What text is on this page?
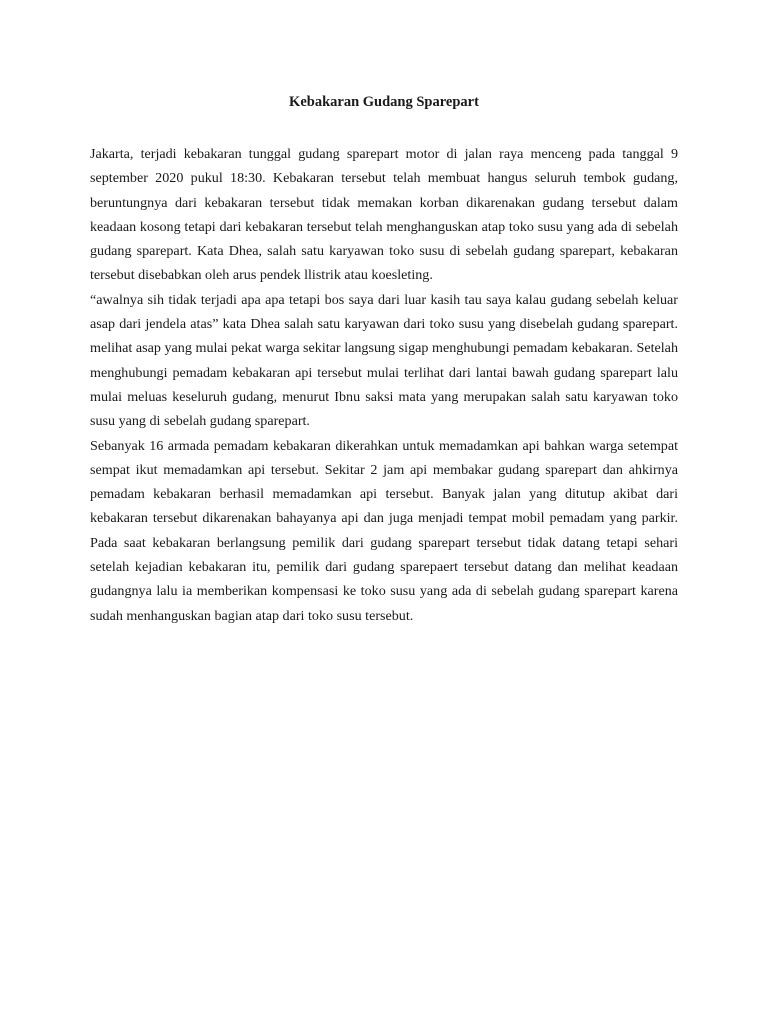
Kebakaran Gudang Sparepart

Jakarta, terjadi kebakaran tunggal gudang sparepart motor di jalan raya menceng pada tanggal 9 september 2020 pukul 18:30. Kebakaran tersebut telah membuat hangus seluruh tembok gudang, beruntungnya dari kebakaran tersebut tidak memakan korban dikarenakan gudang tersebut dalam keadaan kosong tetapi dari kebakaran tersebut telah menghanguskan atap toko susu yang ada di sebelah gudang sparepart. Kata Dhea, salah satu karyawan toko susu di sebelah gudang sparepart, kebakaran tersebut disebabkan oleh arus pendek llistrik atau koesleting.

“awalnya sih tidak terjadi apa apa tetapi bos saya dari luar kasih tau saya kalau gudang sebelah keluar asap dari jendela atas” kata Dhea salah satu karyawan dari toko susu yang disebelah gudang sparepart. melihat asap yang mulai pekat warga sekitar langsung sigap menghubungi pemadam kebakaran. Setelah menghubungi pemadam kebakaran api tersebut mulai terlihat dari lantai bawah gudang sparepart lalu mulai meluas keseluruh gudang, menurut Ibnu saksi mata yang merupakan salah satu karyawan toko susu yang di sebelah gudang sparepart.

Sebanyak 16 armada pemadam kebakaran dikerahkan untuk memadamkan api bahkan warga setempat sempat ikut memadamkan api tersebut. Sekitar 2 jam api membakar gudang sparepart dan ahkirnya pemadam kebakaran berhasil memadamkan api tersebut. Banyak jalan yang ditutup akibat dari kebakaran tersebut dikarenakan bahayanya api dan juga menjadi tempat mobil pemadam yang parkir. Pada saat kebakaran berlangsung pemilik dari gudang sparepart tersebut tidak datang tetapi sehari setelah kejadian kebakaran itu, pemilik dari gudang sparepaert tersebut datang dan melihat keadaan gudangnya lalu ia memberikan kompensasi ke toko susu yang ada di sebelah gudang sparepart karena sudah menhanguskan bagian atap dari toko susu tersebut.
